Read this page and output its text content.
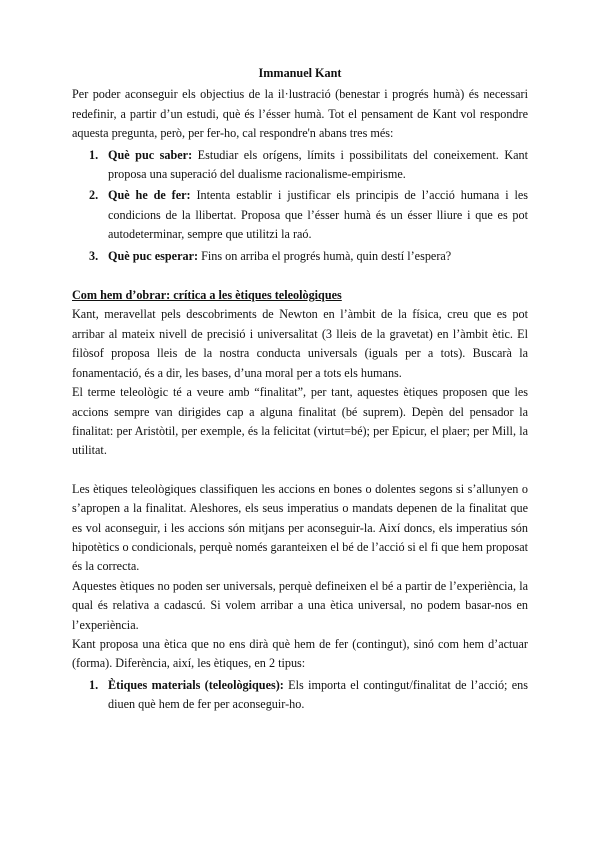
Immanuel Kant

Per poder aconseguir els objectius de la il·lustració (benestar i progrés humà) és necessari redefinir, a partir d’un estudi, què és l’ésser humà. Tot el pensament de Kant vol respondre aquesta pregunta, però, per fer-ho, cal respondre'n abans tres més:

1. Què puc saber: Estudiar els orígens, límits i possibilitats del coneixement. Kant proposa una superació del dualisme racionalisme-empirisme.
2. Què he de fer: Intenta establir i justificar els principis de l’acció humana i les condicions de la llibertat. Proposa que l’ésser humà és un ésser lliure i que es pot autodeterminar, sempre que utilitzi la raó.
3. Què puc esperar: Fins on arriba el progrés humà, quin destí l’espera?

Com hem d’obrar: crítica a les ètiques teleològiques

Kant, meravellat pels descobriments de Newton en l’àmbit de la física, creu que es pot arribar al mateix nivell de precisió i universalitat (3 lleis de la gravetat) en l’àmbit ètic. El filòsof proposa lleis de la nostra conducta universals (iguals per a tots). Buscarà la fonamentació, és a dir, les bases, d’una moral per a tots els humans.

El terme teleològic té a veure amb “finalitat”, per tant, aquestes ètiques proposen que les accions sempre van dirigides cap a alguna finalitat (bé suprem). Depèn del pensador la finalitat: per Aristòtil, per exemple, és la felicitat (virtut=bé); per Epicur, el plaer; per Mill, la utilitat.

Les ètiques teleològiques classifiquen les accions en bones o dolentes segons si s’allunyen o s’apropen a la finalitat. Aleshores, els seus imperatius o mandats depenen de la finalitat que es vol aconseguir, i les accions són mitjans per aconseguir-la. Així doncs, els imperatius són hipotètics o condicionals, perquè només garanteixen el bé de l’acció si el fi que hem proposat és la correcta.

Aquestes ètiques no poden ser universals, perquè defineixen el bé a partir de l’experiència, la qual és relativa a cadascú. Si volem arribar a una ètica universal, no podem basar-nos en l’experiència.

Kant proposa una ètica que no ens dirà què hem de fer (contingut), sinó com hem d’actuar (forma). Diferència, així, les ètiques, en 2 tipus:

1. Ètiques materials (teleològiques): Els importa el contingut/finalitat de l’acció; ens diuen què hem de fer per aconseguir-ho.
